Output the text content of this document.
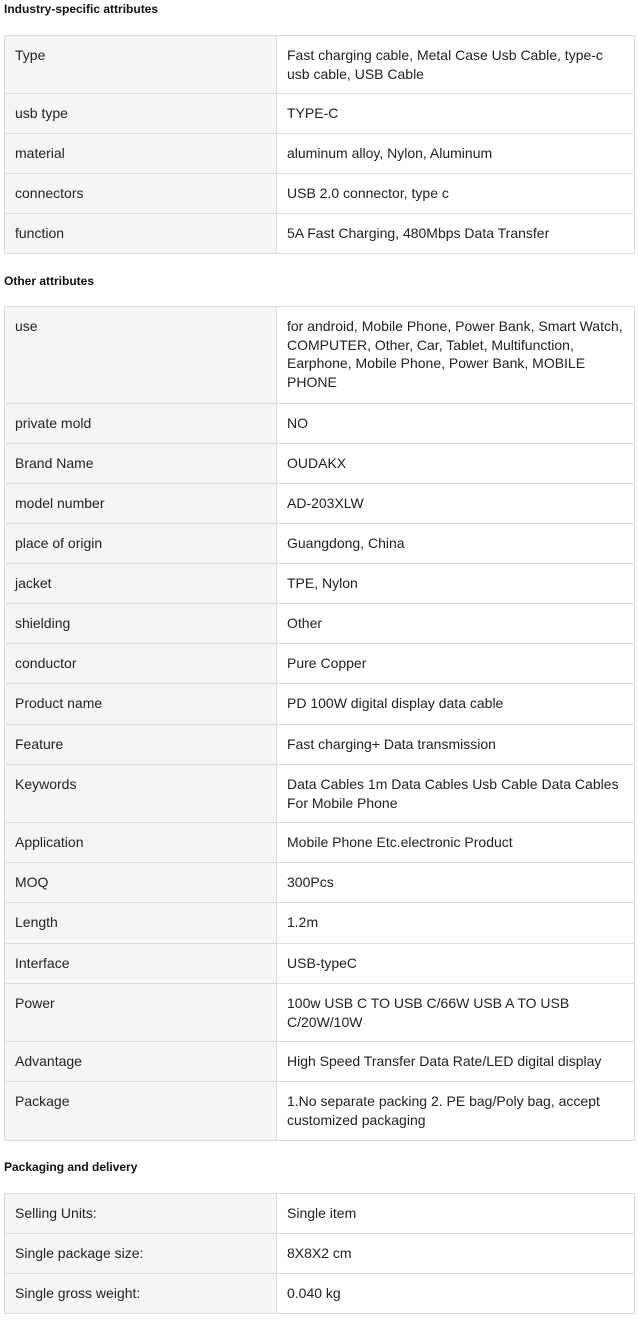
Industry-specific attributes
Type	Fast charging cable, Metal Case Usb Cable, type-c usb cable, USB Cable
usb type	TYPE-C
material	aluminum alloy, Nylon, Aluminum
connectors	USB 2.0 connector, type c
function	5A Fast Charging, 480Mbps Data Transfer
Other attributes
use	for android, Mobile Phone, Power Bank, Smart Watch, COMPUTER, Other, Car, Tablet, Multifunction, Earphone, Mobile Phone, Power Bank, MOBILE PHONE
private mold	NO
Brand Name	OUDAKX
model number	AD-203XLW
place of origin	Guangdong, China
jacket	TPE, Nylon
shielding	Other
conductor	Pure Copper
Product name	PD 100W digital display data cable
Feature	Fast charging+ Data transmission
Keywords	Data Cables 1m Data Cables Usb Cable Data Cables For Mobile Phone
Application	Mobile Phone Etc.electronic Product
MOQ	300Pcs
Length	1.2m
Interface	USB-typeC
Power	100w USB C TO USB C/66W USB A TO USB C/20W/10W
Advantage	High Speed Transfer Data Rate/LED digital display
Package	1.No separate packing 2. PE bag/Poly bag, accept customized packaging
Packaging and delivery
Selling Units:	Single item
Single package size:	8X8X2 cm
Single gross weight:	0.040 kg
